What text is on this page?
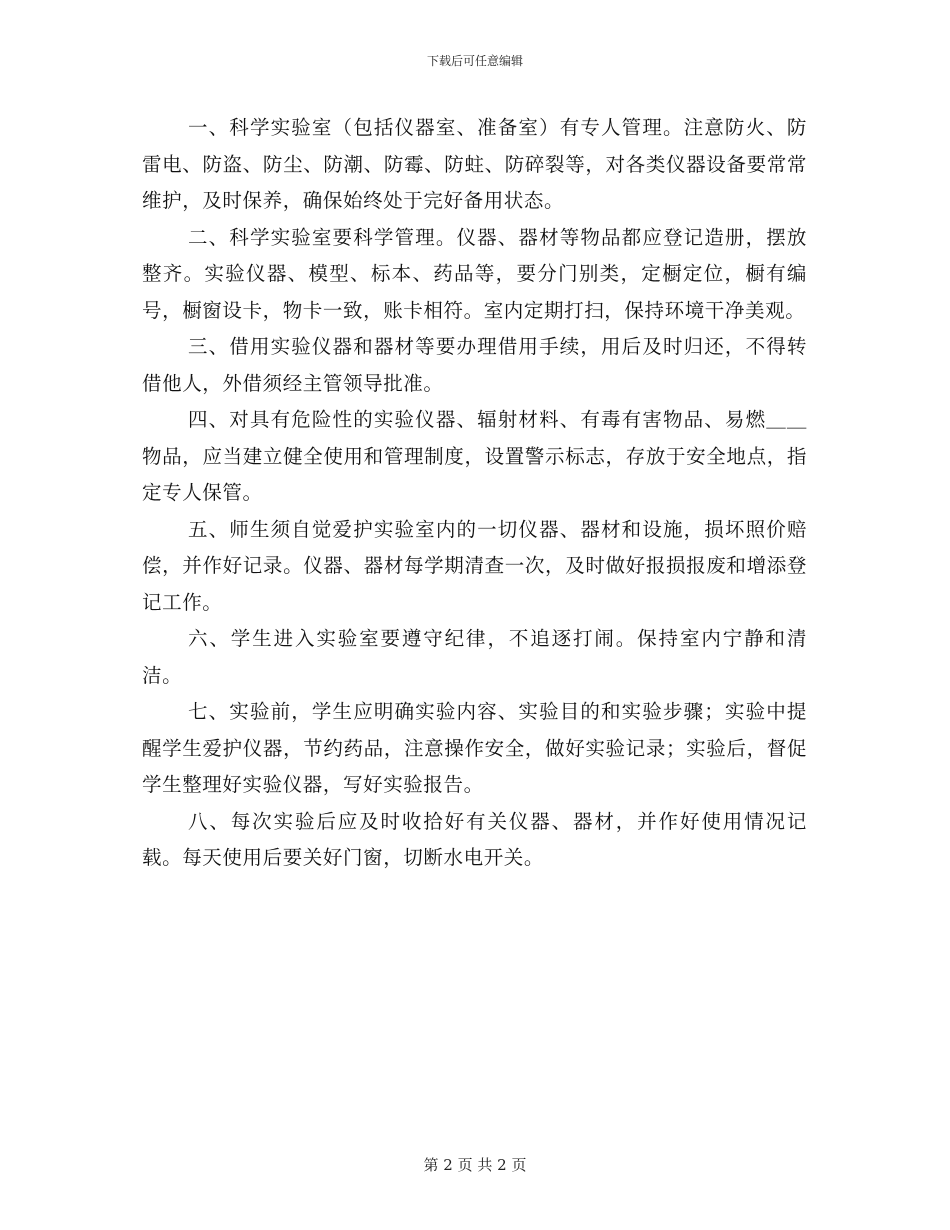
下载后可任意编辑

一、科学实验室（包括仪器室、准备室）有专人管理。注意防火、防雷电、防盗、防尘、防潮、防霉、防蛀、防碎裂等，对各类仪器设备要常常维护，及时保养，确保始终处于完好备用状态。

二、科学实验室要科学管理。仪器、器材等物品都应登记造册，摆放整齐。实验仪器、模型、标本、药品等，要分门别类，定橱定位，橱有编号，橱窗设卡，物卡一致，账卡相符。室内定期打扫，保持环境干净美观。

三、借用实验仪器和器材等要办理借用手续，用后及时归还，不得转借他人，外借须经主管领导批准。

四、对具有危险性的实验仪器、辐射材料、有毒有害物品、易燃＿＿物品，应当建立健全使用和管理制度，设置警示标志，存放于安全地点，指定专人保管。

五、师生须自觉爱护实验室内的一切仪器、器材和设施，损坏照价赔偿，并作好记录。仪器、器材每学期清查一次，及时做好报损报废和增添登记工作。

六、学生进入实验室要遵守纪律，不追逐打闹。保持室内宁静和清洁。

七、实验前，学生应明确实验内容、实验目的和实验步骤；实验中提醒学生爱护仪器，节约药品，注意操作安全，做好实验记录；实验后，督促学生整理好实验仪器，写好实验报告。

八、每次实验后应及时收拾好有关仪器、器材，并作好使用情况记载。每天使用后要关好门窗，切断水电开关。

第 2 页 共 2 页
